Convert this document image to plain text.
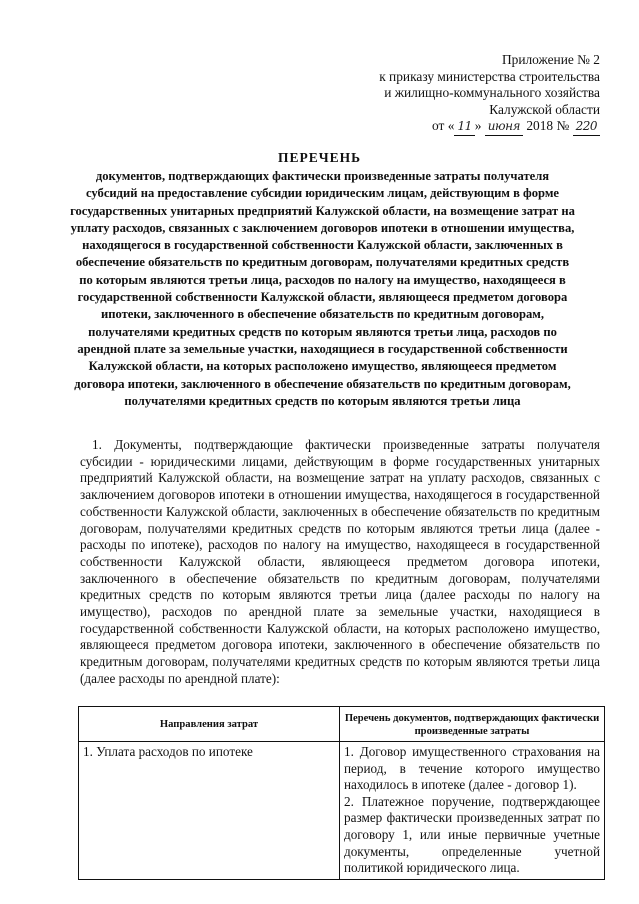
Приложение № 2
к приказу министерства строительства
и жилищно-коммунального хозяйства
Калужской области
от « 11 » июня 2018 № 220
ПЕРЕЧЕНЬ
документов, подтверждающих фактически произведенные затраты получателя субсидий на предоставление субсидии юридическим лицам, действующим в форме государственных унитарных предприятий Калужской области, на возмещение затрат на уплату расходов, связанных с заключением договоров ипотеки в отношении имущества, находящегося в государственной собственности Калужской области, заключенных в обеспечение обязательств по кредитным договорам, получателями кредитных средств по которым являются третьи лица, расходов по налогу на имущество, находящееся в государственной собственности Калужской области, являющееся предметом договора ипотеки, заключенного в обеспечение обязательств по кредитным договорам, получателями кредитных средств по которым являются третьи лица, расходов по арендной плате за земельные участки, находящиеся в государственной собственности Калужской области, на которых расположено имущество, являющееся предметом договора ипотеки, заключенного в обеспечение обязательств по кредитным договорам, получателями кредитных средств по которым являются третьи лица
1. Документы, подтверждающие фактически произведенные затраты получателя субсидии - юридическими лицами, действующим в форме государственных унитарных предприятий Калужской области, на возмещение затрат на уплату расходов, связанных с заключением договоров ипотеки в отношении имущества, находящегося в государственной собственности Калужской области, заключенных в обеспечение обязательств по кредитным договорам, получателями кредитных средств по которым являются третьи лица (далее - расходы по ипотеке), расходов по налогу на имущество, находящееся в государственной собственности Калужской области, являющееся предметом договора ипотеки, заключенного в обеспечение обязательств по кредитным договорам, получателями кредитных средств по которым являются третьи лица (далее расходы по налогу на имущество), расходов по арендной плате за земельные участки, находящиеся в государственной собственности Калужской области, на которых расположено имущество, являющееся предметом договора ипотеки, заключенного в обеспечение обязательств по кредитным договорам, получателями кредитных средств по которым являются третьи лица (далее расходы по арендной плате):
Направления затрат	Перечень документов, подтверждающих фактически произведенные затраты
1. Уплата расходов по ипотеке	1. Договор имущественного страхования на период, в течение которого имущество находилось в ипотеке (далее - договор 1).
2. Платежное поручение, подтверждающее размер фактически произведенных затрат по договору 1, или иные первичные учетные документы, определенные учетной политикой юридического лица.
